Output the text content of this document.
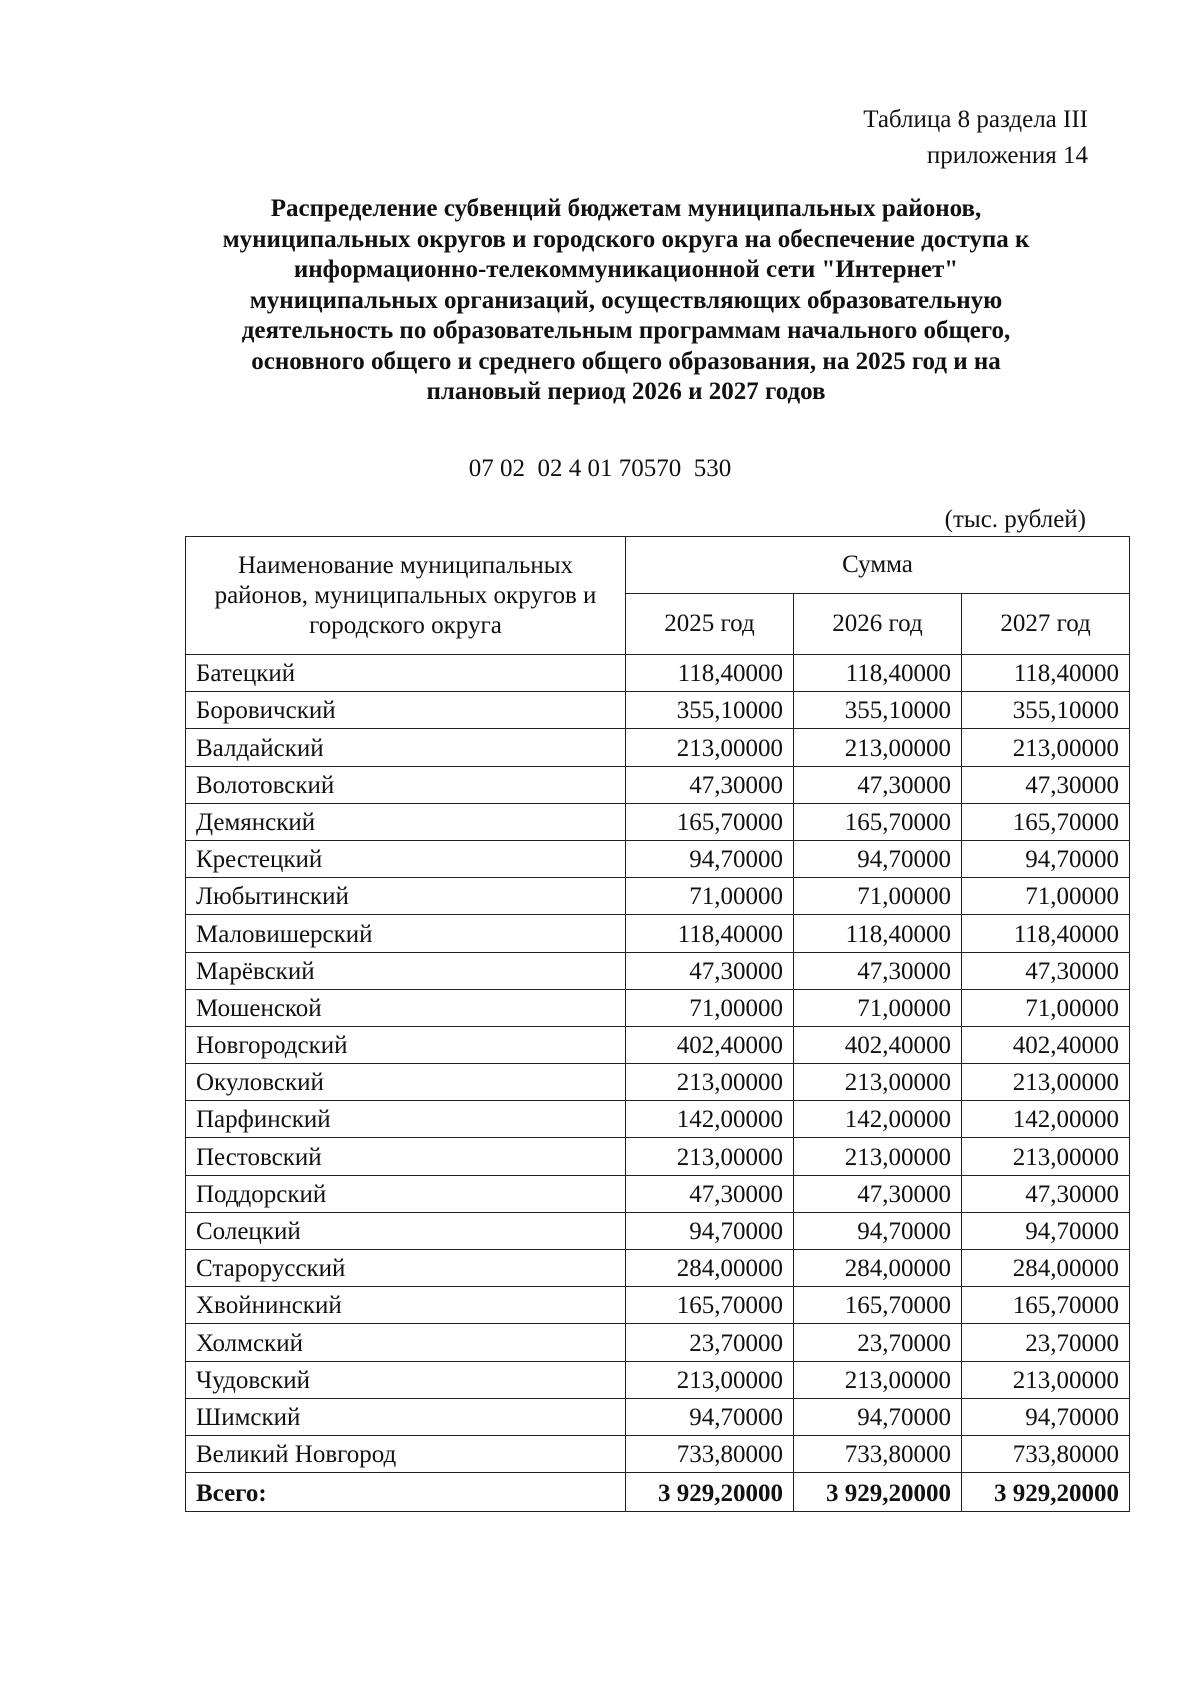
Таблица 8 раздела III
приложения 14
Распределение субвенций бюджетам муниципальных районов,
муниципальных округов и городского округа на обеспечение доступа к
информационно-телекоммуникационной сети "Интернет"
муниципальных организаций, осуществляющих образовательную
деятельность по образовательным программам начального общего,
основного общего и среднего общего образования, на 2025 год и на
плановый период 2026 и 2027 годов
07 02  02 4 01 70570  530
(тыс. рублей)
Наименование муниципальных районов, муниципальных округов и городского округа	Сумма		
	2025 год	2026 год	2027 год
Батецкий	118,40000	118,40000	118,40000
Боровичский	355,10000	355,10000	355,10000
Валдайский	213,00000	213,00000	213,00000
Волотовский	47,30000	47,30000	47,30000
Демянский	165,70000	165,70000	165,70000
Крестецкий	94,70000	94,70000	94,70000
Любытинский	71,00000	71,00000	71,00000
Маловишерский	118,40000	118,40000	118,40000
Марёвский	47,30000	47,30000	47,30000
Мошенской	71,00000	71,00000	71,00000
Новгородский	402,40000	402,40000	402,40000
Окуловский	213,00000	213,00000	213,00000
Парфинский	142,00000	142,00000	142,00000
Пестовский	213,00000	213,00000	213,00000
Поддорский	47,30000	47,30000	47,30000
Солецкий	94,70000	94,70000	94,70000
Старорусский	284,00000	284,00000	284,00000
Хвойнинский	165,70000	165,70000	165,70000
Холмский	23,70000	23,70000	23,70000
Чудовский	213,00000	213,00000	213,00000
Шимский	94,70000	94,70000	94,70000
Великий Новгород	733,80000	733,80000	733,80000
Всего:	3 929,20000	3 929,20000	3 929,20000
